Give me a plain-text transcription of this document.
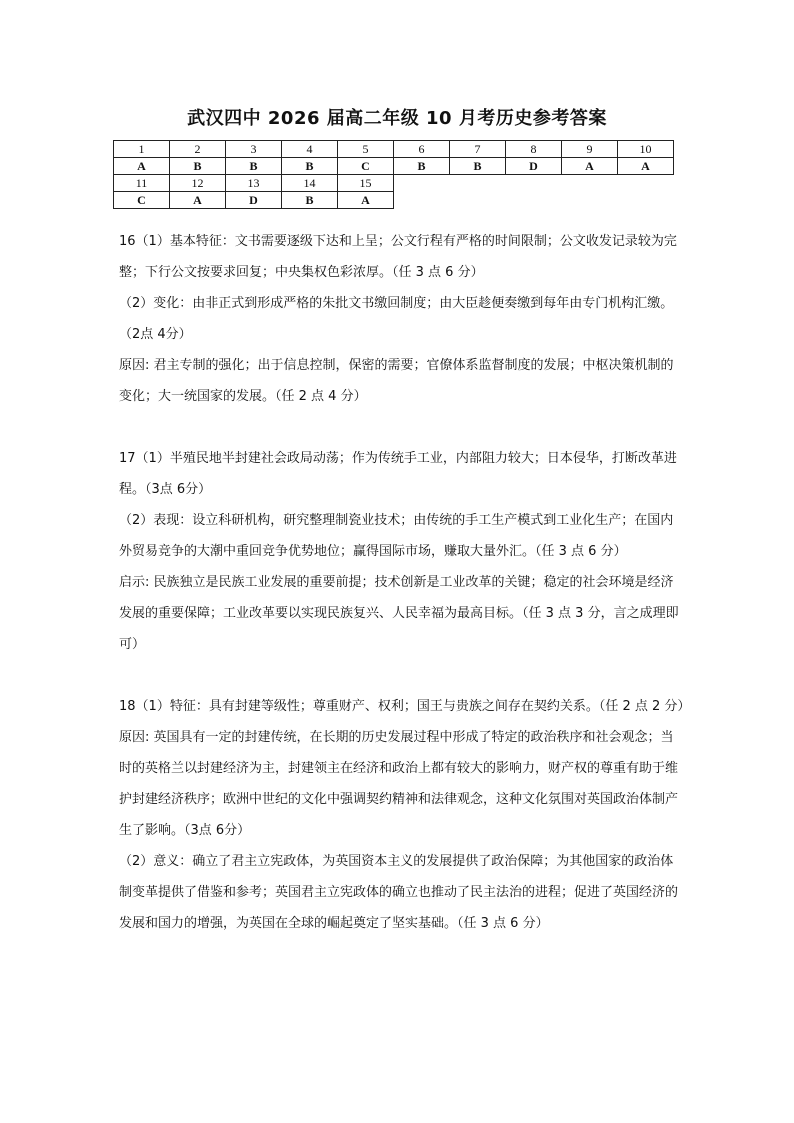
武汉四中 2026 届高二年级 10 月考历史参考答案
1	2	3	4	5	6	7	8	9	10
A	B	B	B	C	B	B	D	A	A
11	12	13	14	15					
C	A	D	B	A					

16（1）基本特征：文书需要逐级下达和上呈；公文行程有严格的时间限制；公文收发记录较为完整；下行公文按要求回复；中央集权色彩浓厚。（任 3 点 6 分）

（2）变化：由非正式到形成严格的朱批文书缴回制度；由大臣趁便奏缴到每年由专门机构汇缴。（2点 4分）

原因: 君主专制的强化；出于信息控制，保密的需要；官僚体系监督制度的发展；中枢决策机制的变化；大一统国家的发展。（任 2 点 4 分）

17（1）半殖民地半封建社会政局动荡；作为传统手工业，内部阻力较大；日本侵华，打断改革进程。（3点 6分）

（2）表现：设立科研机构，研究整理制瓷业技术；由传统的手工生产模式到工业化生产；在国内外贸易竞争的大潮中重回竞争优势地位；赢得国际市场，赚取大量外汇。（任 3 点 6 分）

启示: 民族独立是民族工业发展的重要前提；技术创新是工业改革的关键；稳定的社会环境是经济发展的重要保障；工业改革要以实现民族复兴、人民幸福为最高目标。（任 3 点 3 分，言之成理即可）

18（1）特征：具有封建等级性；尊重财产、权利；国王与贵族之间存在契约关系。（任 2 点 2 分）

原因: 英国具有一定的封建传统，在长期的历史发展过程中形成了特定的政治秩序和社会观念；当时的英格兰以封建经济为主，封建领主在经济和政治上都有较大的影响力，财产权的尊重有助于维护封建经济秩序；欧洲中世纪的文化中强调契约精神和法律观念，这种文化氛围对英国政治体制产生了影响。（3点 6分）

（2）意义：确立了君主立宪政体，为英国资本主义的发展提供了政治保障；为其他国家的政治体制变革提供了借鉴和参考；英国君主立宪政体的确立也推动了民主法治的进程；促进了英国经济的发展和国力的增强，为英国在全球的崛起奠定了坚实基础。（任 3 点 6 分）
